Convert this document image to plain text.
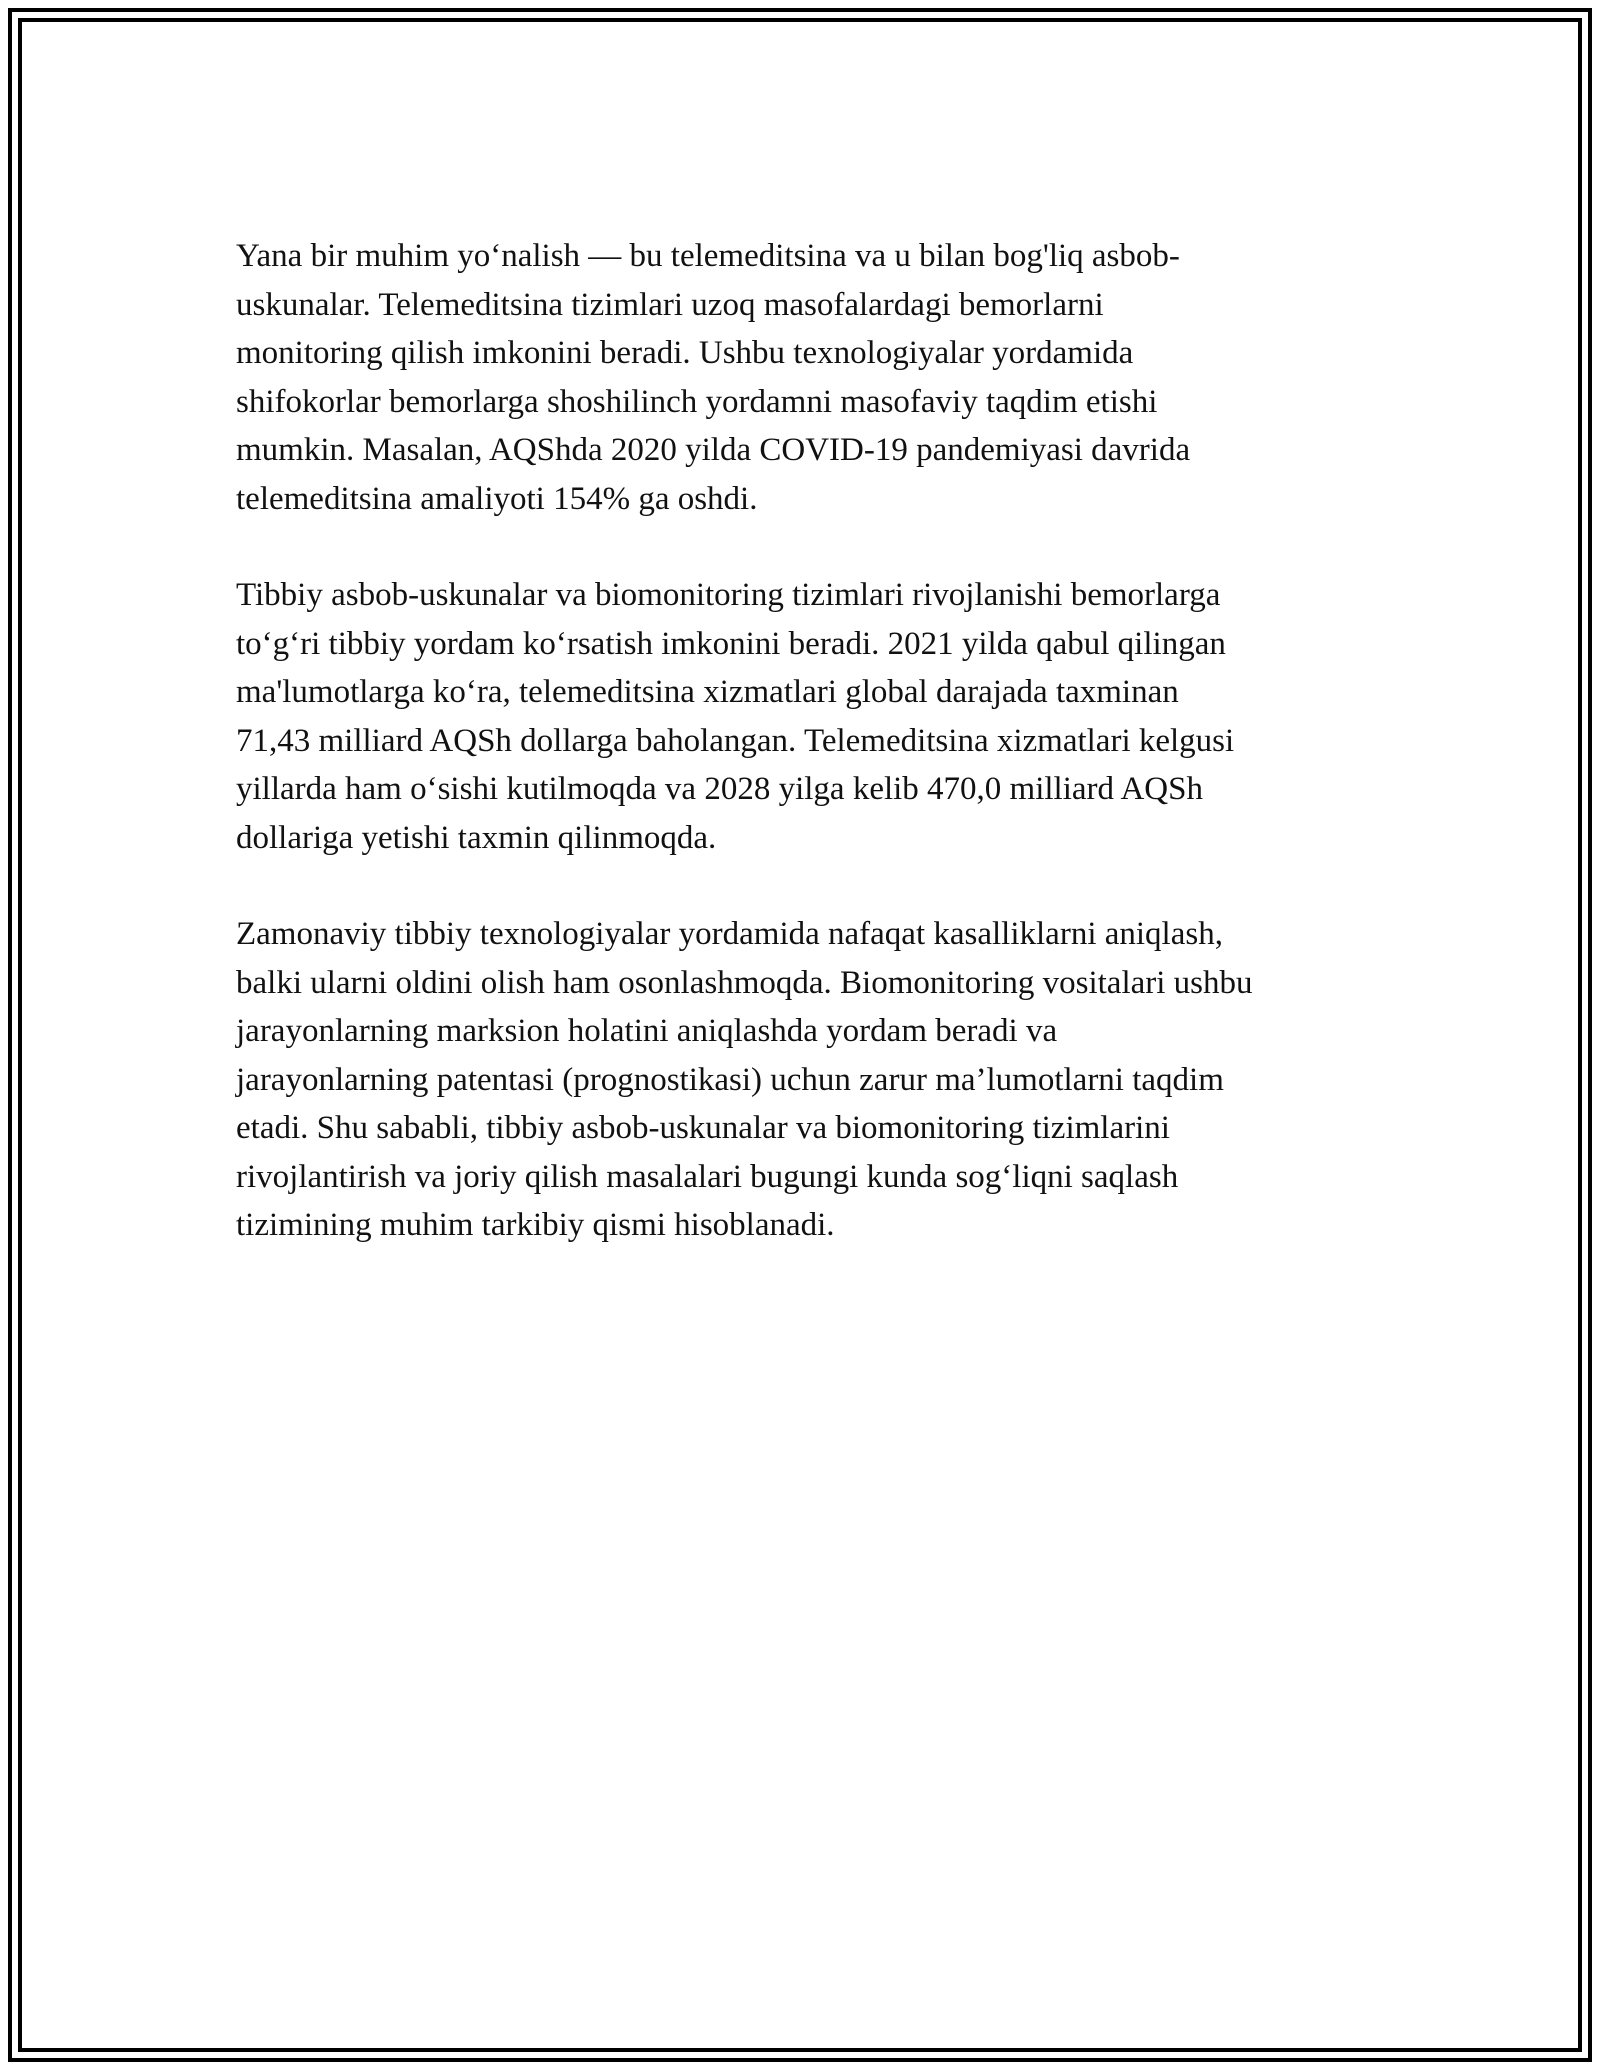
Yana bir muhim yo‘nalish — bu telemeditsina va u bilan bog'liq asbob-
uskunalar. Telemeditsina tizimlari uzoq masofalardagi bemorlarni
monitoring qilish imkonini beradi. Ushbu texnologiyalar yordamida
shifokorlar bemorlarga shoshilinch yordamni masofaviy taqdim etishi
mumkin. Masalan, AQShda 2020 yilda COVID-19 pandemiyasi davrida
telemeditsina amaliyoti 154% ga oshdi.

Tibbiy asbob-uskunalar va biomonitoring tizimlari rivojlanishi bemorlarga
to‘g‘ri tibbiy yordam ko‘rsatish imkonini beradi. 2021 yilda qabul qilingan
ma'lumotlarga ko‘ra, telemeditsina xizmatlari global darajada taxminan
71,43 milliard AQSh dollarga baholangan. Telemeditsina xizmatlari kelgusi
yillarda ham o‘sishi kutilmoqda va 2028 yilga kelib 470,0 milliard AQSh
dollariga yetishi taxmin qilinmoqda.

Zamonaviy tibbiy texnologiyalar yordamida nafaqat kasalliklarni aniqlash,
balki ularni oldini olish ham osonlashmoqda. Biomonitoring vositalari ushbu
jarayonlarning marksion holatini aniqlashda yordam beradi va
jarayonlarning patentasi (prognostikasi) uchun zarur ma’lumotlarni taqdim
etadi. Shu sababli, tibbiy asbob-uskunalar va biomonitoring tizimlarini
rivojlantirish va joriy qilish masalalari bugungi kunda sog‘liqni saqlash
tizimining muhim tarkibiy qismi hisoblanadi.
